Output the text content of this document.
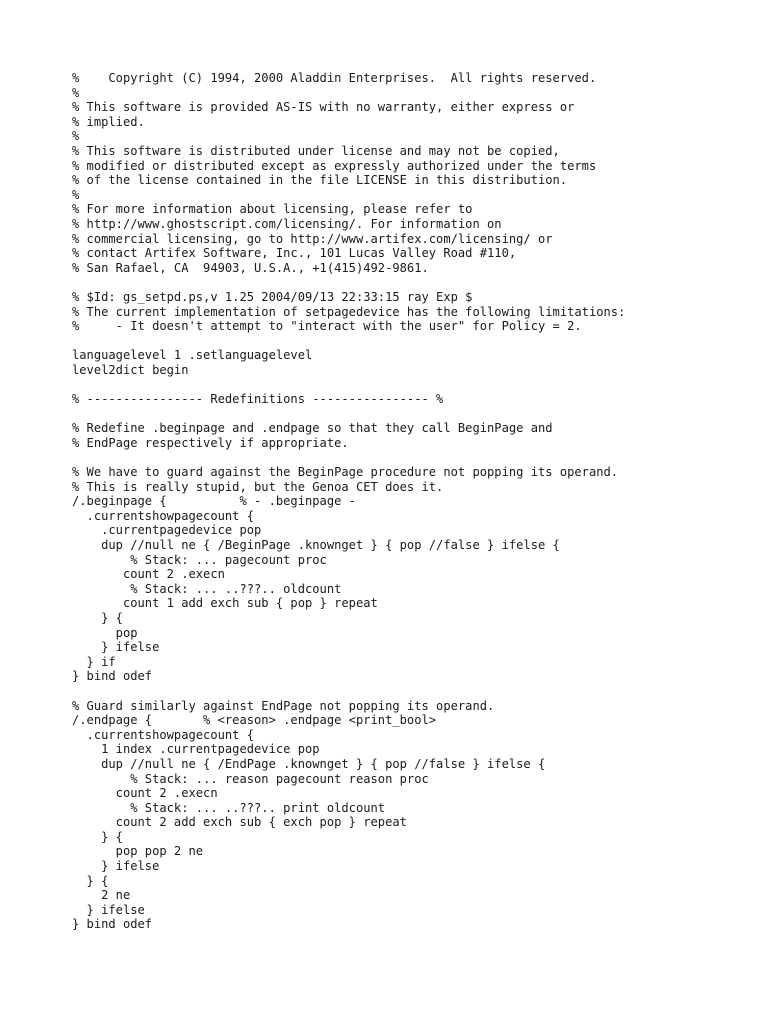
%    Copyright (C) 1994, 2000 Aladdin Enterprises.  All rights reserved.
%
% This software is provided AS-IS with no warranty, either express or
% implied.
%
% This software is distributed under license and may not be copied,
% modified or distributed except as expressly authorized under the terms
% of the license contained in the file LICENSE in this distribution.
%
% For more information about licensing, please refer to
% http://www.ghostscript.com/licensing/. For information on
% commercial licensing, go to http://www.artifex.com/licensing/ or
% contact Artifex Software, Inc., 101 Lucas Valley Road #110,
% San Rafael, CA  94903, U.S.A., +1(415)492-9861.
% $Id: gs_setpd.ps,v 1.25 2004/09/13 22:33:15 ray Exp $
% The current implementation of setpagedevice has the following limitations:
%     - It doesn't attempt to "interact with the user" for Policy = 2.
languagelevel 1 .setlanguagelevel
level2dict begin
% ---------------- Redefinitions ---------------- %
% Redefine .beginpage and .endpage so that they call BeginPage and
% EndPage respectively if appropriate.
% We have to guard against the BeginPage procedure not popping its operand.
% This is really stupid, but the Genoa CET does it.
/.beginpage {          % - .beginpage -
.currentshowpagecount {
.currentpagedevice pop
dup //null ne { /BeginPage .knownget } { pop //false } ifelse {
% Stack: ... pagecount proc
count 2 .execn
% Stack: ... ..???.. oldcount
count 1 add exch sub { pop } repeat
} {
pop
} ifelse
} if
} bind odef
% Guard similarly against EndPage not popping its operand.
/.endpage {       % <reason> .endpage <print_bool>
.currentshowpagecount {
1 index .currentpagedevice pop
dup //null ne { /EndPage .knownget } { pop //false } ifelse {
% Stack: ... reason pagecount reason proc
count 2 .execn
% Stack: ... ..???.. print oldcount
count 2 add exch sub { exch pop } repeat
} {
pop pop 2 ne
} ifelse
} {
2 ne
} ifelse
} bind odef
